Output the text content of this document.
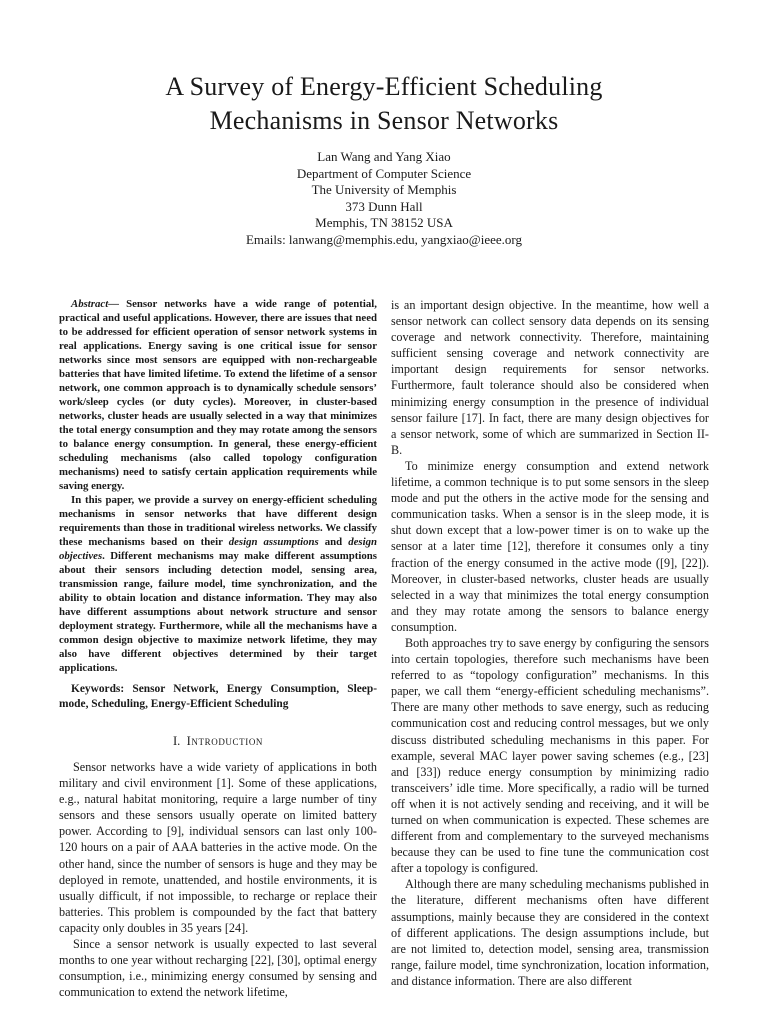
A Survey of Energy-Efficient Scheduling Mechanisms in Sensor Networks
Lan Wang and Yang Xiao
Department of Computer Science
The University of Memphis
373 Dunn Hall
Memphis, TN 38152 USA
Emails: lanwang@memphis.edu, yangxiao@ieee.org

Abstract— Sensor networks have a wide range of potential, practical and useful applications. However, there are issues that need to be addressed for efficient operation of sensor network systems in real applications. Energy saving is one critical issue for sensor networks since most sensors are equipped with non-rechargeable batteries that have limited lifetime. To extend the lifetime of a sensor network, one common approach is to dynamically schedule sensors’ work/sleep cycles (or duty cycles). Moreover, in cluster-based networks, cluster heads are usually selected in a way that minimizes the total energy consumption and they may rotate among the sensors to balance energy consumption. In general, these energy-efficient scheduling mechanisms (also called topology configuration mechanisms) need to satisfy certain application requirements while saving energy.

In this paper, we provide a survey on energy-efficient scheduling mechanisms in sensor networks that have different design requirements than those in traditional wireless networks. We classify these mechanisms based on their design assumptions and design objectives. Different mechanisms may make different assumptions about their sensors including detection model, sensing area, transmission range, failure model, time synchronization, and the ability to obtain location and distance information. They may also have different assumptions about network structure and sensor deployment strategy. Furthermore, while all the mechanisms have a common design objective to maximize network lifetime, they may also have different objectives determined by their target applications.

Keywords: Sensor Network, Energy Consumption, Sleep-mode, Scheduling, Energy-Efficient Scheduling

I. Introduction

Sensor networks have a wide variety of applications in both military and civil environment [1]. Some of these applications, e.g., natural habitat monitoring, require a large number of tiny sensors and these sensors usually operate on limited battery power. According to [9], individual sensors can last only 100-120 hours on a pair of AAA batteries in the active mode. On the other hand, since the number of sensors is huge and they may be deployed in remote, unattended, and hostile environments, it is usually difficult, if not impossible, to recharge or replace their batteries. This problem is compounded by the fact that battery capacity only doubles in 35 years [24].

Since a sensor network is usually expected to last several months to one year without recharging [22], [30], optimal energy consumption, i.e., minimizing energy consumed by sensing and communication to extend the network lifetime,

is an important design objective. In the meantime, how well a sensor network can collect sensory data depends on its sensing coverage and network connectivity. Therefore, maintaining sufficient sensing coverage and network connectivity are important design requirements for sensor networks. Furthermore, fault tolerance should also be considered when minimizing energy consumption in the presence of individual sensor failure [17]. In fact, there are many design objectives for a sensor network, some of which are summarized in Section II-B.

To minimize energy consumption and extend network lifetime, a common technique is to put some sensors in the sleep mode and put the others in the active mode for the sensing and communication tasks. When a sensor is in the sleep mode, it is shut down except that a low-power timer is on to wake up the sensor at a later time [12], therefore it consumes only a tiny fraction of the energy consumed in the active mode ([9], [22]). Moreover, in cluster-based networks, cluster heads are usually selected in a way that minimizes the total energy consumption and they may rotate among the sensors to balance energy consumption.

Both approaches try to save energy by configuring the sensors into certain topologies, therefore such mechanisms have been referred to as “topology configuration” mechanisms. In this paper, we call them “energy-efficient scheduling mechanisms”. There are many other methods to save energy, such as reducing communication cost and reducing control messages, but we only discuss distributed scheduling mechanisms in this paper. For example, several MAC layer power saving schemes (e.g., [23] and [33]) reduce energy consumption by minimizing radio transceivers’ idle time. More specifically, a radio will be turned off when it is not actively sending and receiving, and it will be turned on when communication is expected. These schemes are different from and complementary to the surveyed mechanisms because they can be used to fine tune the communication cost after a topology is configured.

Although there are many scheduling mechanisms published in the literature, different mechanisms often have different assumptions, mainly because they are considered in the context of different applications. The design assumptions include, but are not limited to, detection model, sensing area, transmission range, failure model, time synchronization, location information, and distance information. There are also different
